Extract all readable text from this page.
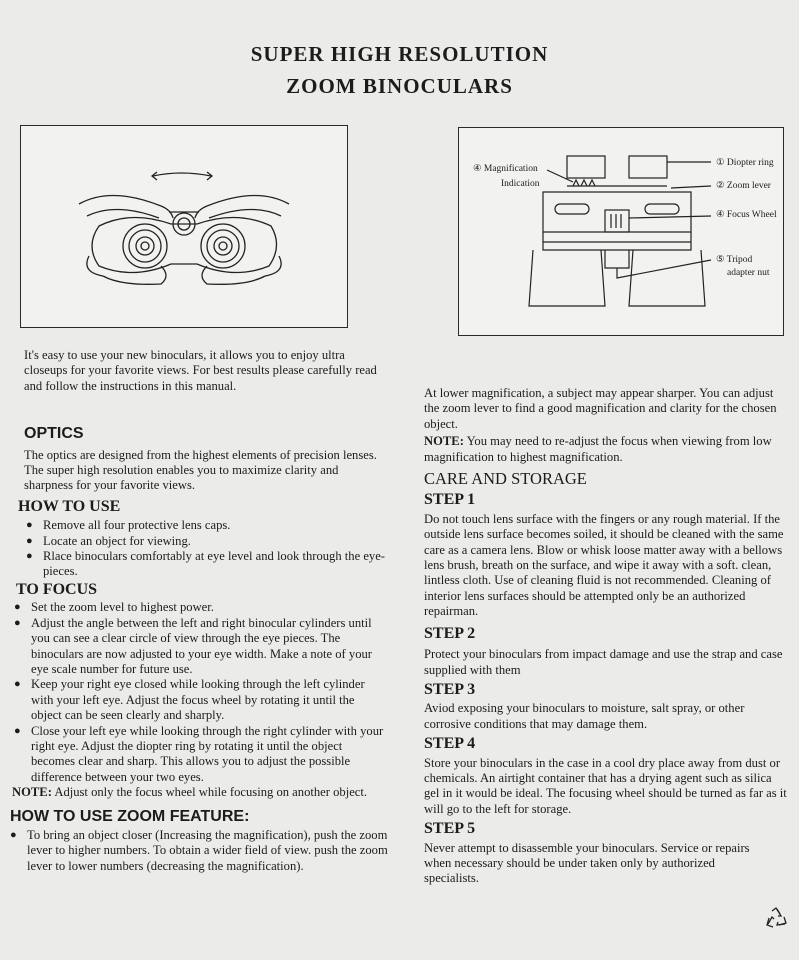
SUPER HIGH RESOLUTION
ZOOM BINOCULARS
④ Magnification
Indication
① Diopter ring
② Zoom lever
④ Focus Wheel
⑤ Tripod
adapter nut

It's easy to use your new binoculars, it allows you to enjoy ultra closeups for your favorite views. For best results please carefully read and follow the instructions in this manual.

OPTICS

The optics are designed from the highest elements of precision lenses. The super high resolution enables you to maximize clarity and sharpness for your favorite views.

HOW TO USE

● Remove all four protective lens caps.

● Locate an object for viewing.

● Rlace binoculars comfortably at eye level and look through the eye-pieces.

TO FOCUS

● Set the zoom level to highest power.

● Adjust the angle between the left and right binocular cylinders until you can see a clear circle of view through the eye pieces. The binoculars are now adjusted to your eye width. Make a note of your eye scale number for future use.

● Keep your right eye closed while looking through the left cylinder with your left eye. Adjust the focus wheel by rotating it until the object can be seen clearly and sharply.

● Close your left eye while looking through the right cylinder with your right eye. Adjust the diopter ring by rotating it until the object becomes clear and sharp. This allows you to adjust the possible difference between your two eyes.

NOTE: Adjust only the focus wheel while focusing on another object.

HOW TO USE ZOOM FEATURE:

● To bring an object closer (Increasing the magnification), push the zoom lever to higher numbers. To obtain a wider field of view. push the zoom lever to lower numbers (decreasing the magnification).

At lower magnification, a subject may appear sharper. You can adjust the zoom lever to find a good magnification and clarity for the chosen object.

NOTE: You may need to re-adjust the focus when viewing from low magnification to highest magnification.

CARE AND STORAGE
STEP 1

Do not touch lens surface with the fingers or any rough material. If the outside lens surface becomes soiled, it should be cleaned with the same care as a camera lens. Blow or whisk loose matter away with a bellows lens brush, breath on the surface, and wipe it away with a soft. clean, lintless cloth. Use of cleaning fluid is not recommended. Cleaning of interior lens surfaces should be attempted only be an authorized repairman.

STEP 2

Protect your binoculars from impact damage and use the strap and case supplied with them

STEP 3

Aviod exposing your binoculars to moisture, salt spray, or other corrosive conditions that may damage them.

STEP 4

Store your binoculars in the case in a cool dry place away from dust or chemicals. An airtight container that has a drying agent such as silica gel in it would be ideal. The focusing wheel should be turned as far as it will go to the left for storage.

STEP 5

Never attempt to disassemble your binoculars. Service or repairs when necessary should be under taken only by authorized specialists.
